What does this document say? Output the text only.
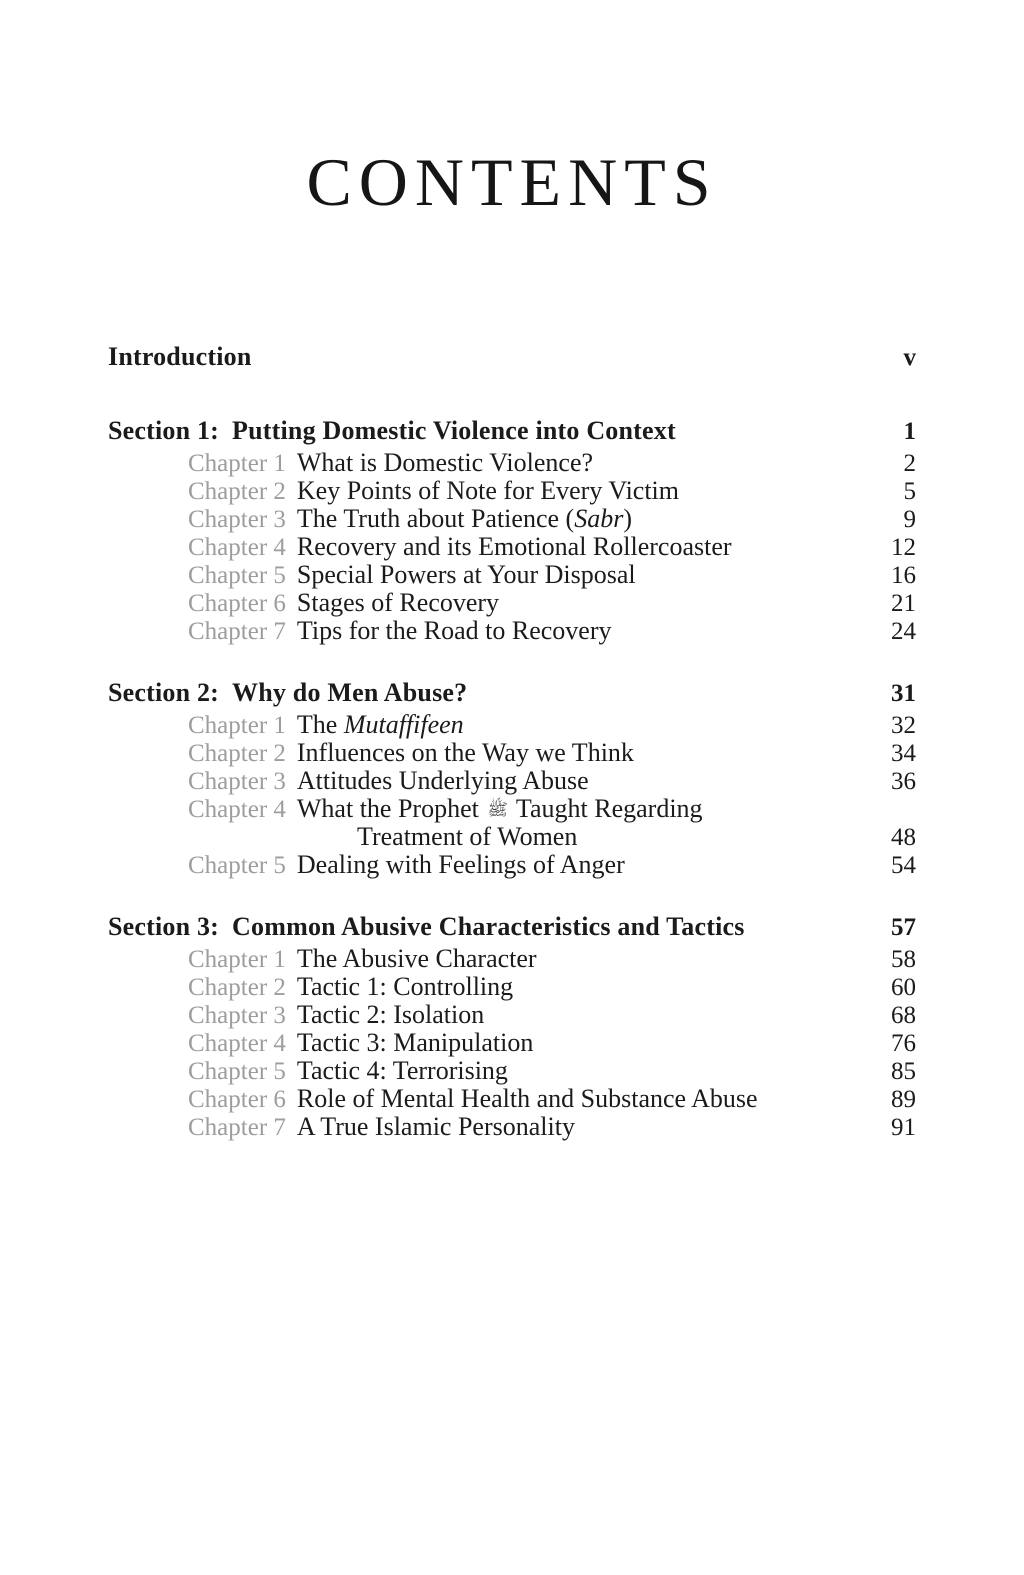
CONTENTS
Introduction	v
Section 1: Putting Domestic Violence into Context	1
Chapter 1 What is Domestic Violence?	2
Chapter 2 Key Points of Note for Every Victim	5
Chapter 3 The Truth about Patience (Sabr)	9
Chapter 4 Recovery and its Emotional Rollercoaster	12
Chapter 5 Special Powers at Your Disposal	16
Chapter 6 Stages of Recovery	21
Chapter 7 Tips for the Road to Recovery	24
Section 2: Why do Men Abuse?	31
Chapter 1 The Mutaffifeen	32
Chapter 2 Influences on the Way we Think	34
Chapter 3 Attitudes Underlying Abuse	36
Chapter 4 What the Prophet ﷺ Taught Regarding
Treatment of Women	48
Chapter 5 Dealing with Feelings of Anger	54
Section 3: Common Abusive Characteristics and Tactics	57
Chapter 1 The Abusive Character	58
Chapter 2 Tactic 1: Controlling	60
Chapter 3 Tactic 2: Isolation	68
Chapter 4 Tactic 3: Manipulation	76
Chapter 5 Tactic 4: Terrorising	85
Chapter 6 Role of Mental Health and Substance Abuse	89
Chapter 7 A True Islamic Personality	91
